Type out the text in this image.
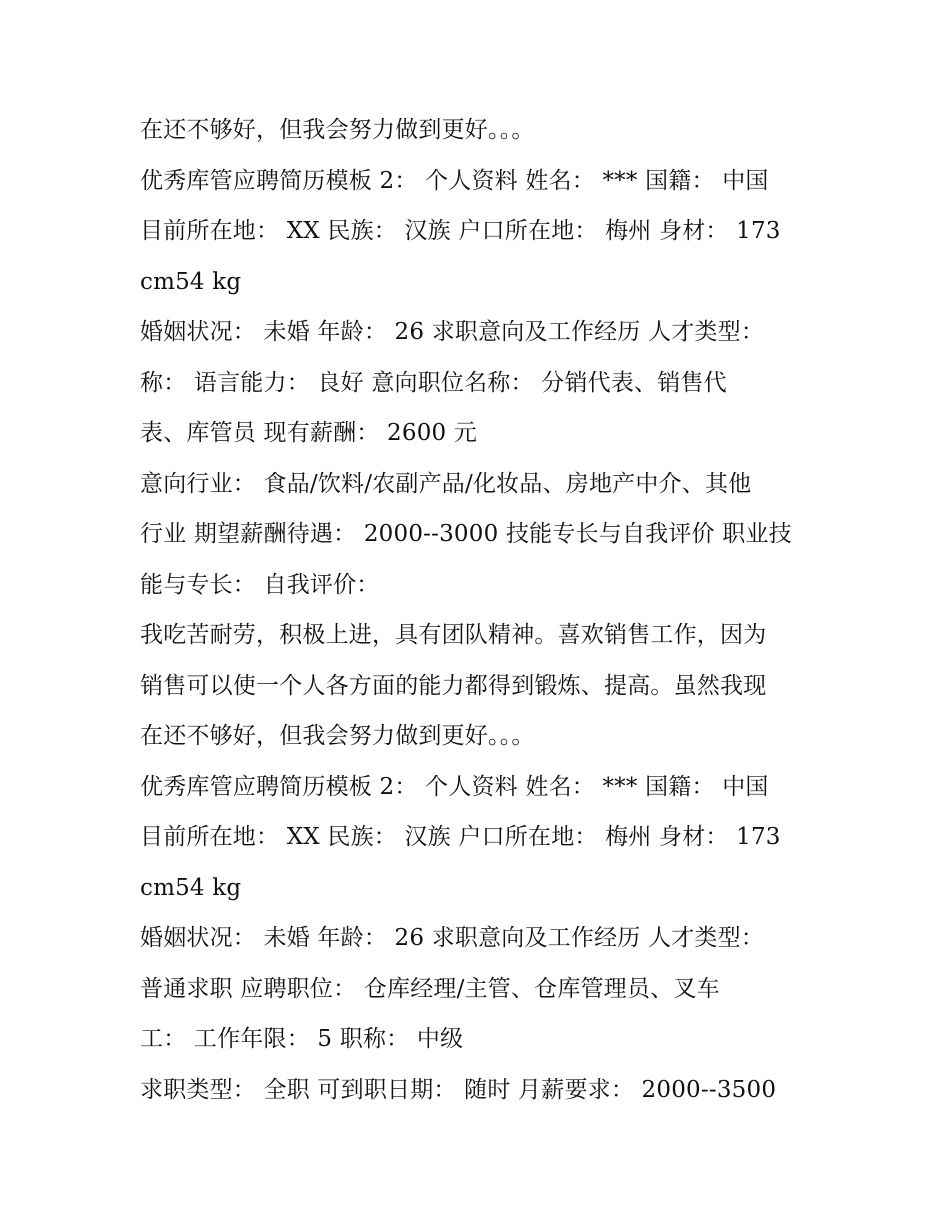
在还不够好，但我会努力做到更好。。。
优秀库管应聘简历模板 2： 个人资料 姓名： *** 国籍： 中国
目前所在地： XX 民族： 汉族 户口所在地： 梅州 身材： 173
cm54 kg
婚姻状况： 未婚 年龄： 26 求职意向及工作经历 人才类型：
称： 语言能力： 良好 意向职位名称： 分销代表、销售代
表、库管员 现有薪酬： 2600 元
意向行业： 食品/饮料/农副产品/化妆品、房地产中介、其他
行业 期望薪酬待遇： 2000--3000 技能专长与自我评价 职业技
能与专长： 自我评价：
我吃苦耐劳，积极上进，具有团队精神。喜欢销售工作，因为
销售可以使一个人各方面的能力都得到锻炼、提高。虽然我现
在还不够好，但我会努力做到更好。。。
优秀库管应聘简历模板 2： 个人资料 姓名： *** 国籍： 中国
目前所在地： XX 民族： 汉族 户口所在地： 梅州 身材： 173
cm54 kg
婚姻状况： 未婚 年龄： 26 求职意向及工作经历 人才类型：
普通求职 应聘职位： 仓库经理/主管、仓库管理员、叉车
工： 工作年限： 5 职称： 中级
求职类型： 全职 可到职日期： 随时 月薪要求： 2000--3500
